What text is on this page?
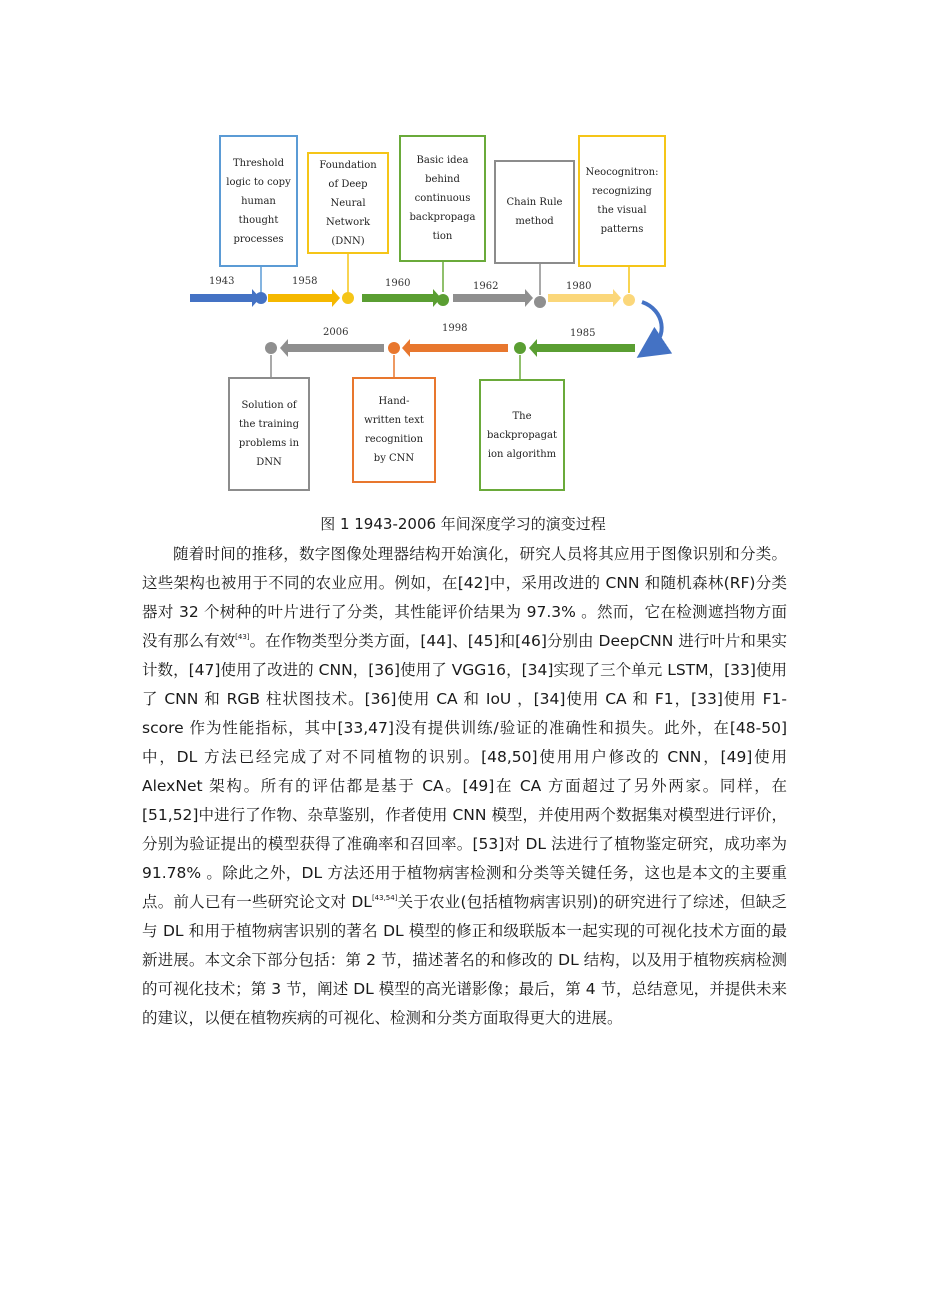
1943	1958	1960	1962	1980
1985
1998
2006
Threshold
logic to copy
human
thought
processes
Foundation
of Deep
Neural
Network
(DNN)
Basic idea
behind
continuous
backpropaga
tion
Chain Rule
method
Neocognitron:
recognizing
the visual
patterns
The
backpropagat
ion algorithm
Hand-
written text
recognition
by CNN
Solution of
the training
problems in
DNN
图 1 1943-2006 年间深度学习的演变过程

随着时间的推移，数字图像处理器结构开始演化，研究人员将其应用于图像识别和分类。这些架构也被用于不同的农业应用。例如，在[42]中，采用改进的 CNN 和随机森林(RF)分类器对 32 个树种的叶片进行了分类，其性能评价结果为 97.3% 。然而，它在检测遮挡物方面没有那么有效[43]。在作物类型分类方面，[44]、[45]和[46]分别由 DeepCNN 进行叶片和果实计数，[47]使用了改进的 CNN，[36]使用了 VGG16，[34]实现了三个单元 LSTM，[33]使用了 CNN 和 RGB 柱状图技术。[36]使用 CA 和 IoU ，[34]使用 CA 和 F1，[33]使用 F1-score 作为性能指标，其中[33,47]没有提供训练/验证的准确性和损失。此外，在[48-50]中，DL 方法已经完成了对不同植物的识别。[48,50]使用用户修改的 CNN，[49]使用 AlexNet 架构。所有的评估都是基于 CA。[49]在 CA 方面超过了另外两家。同样，在[51,52]中进行了作物、杂草鉴别，作者使用 CNN 模型，并使用两个数据集对模型进行评价，分别为验证提出的模型获得了准确率和召回率。[53]对 DL 法进行了植物鉴定研究，成功率为 91.78% 。除此之外，DL 方法还用于植物病害检测和分类等关键任务，这也是本文的主要重点。前人已有一些研究论文对 DL[43,54]关于农业(包括植物病害识别)的研究进行了综述，但缺乏与 DL 和用于植物病害识别的著名 DL 模型的修正和级联版本一起实现的可视化技术方面的最新进展。本文余下部分包括：第 2 节，描述著名的和修改的 DL 结构，以及用于植物疾病检测的可视化技术；第 3 节，阐述 DL 模型的高光谱影像；最后，第 4 节，总结意见，并提供未来的建议，以便在植物疾病的可视化、检测和分类方面取得更大的进展。
